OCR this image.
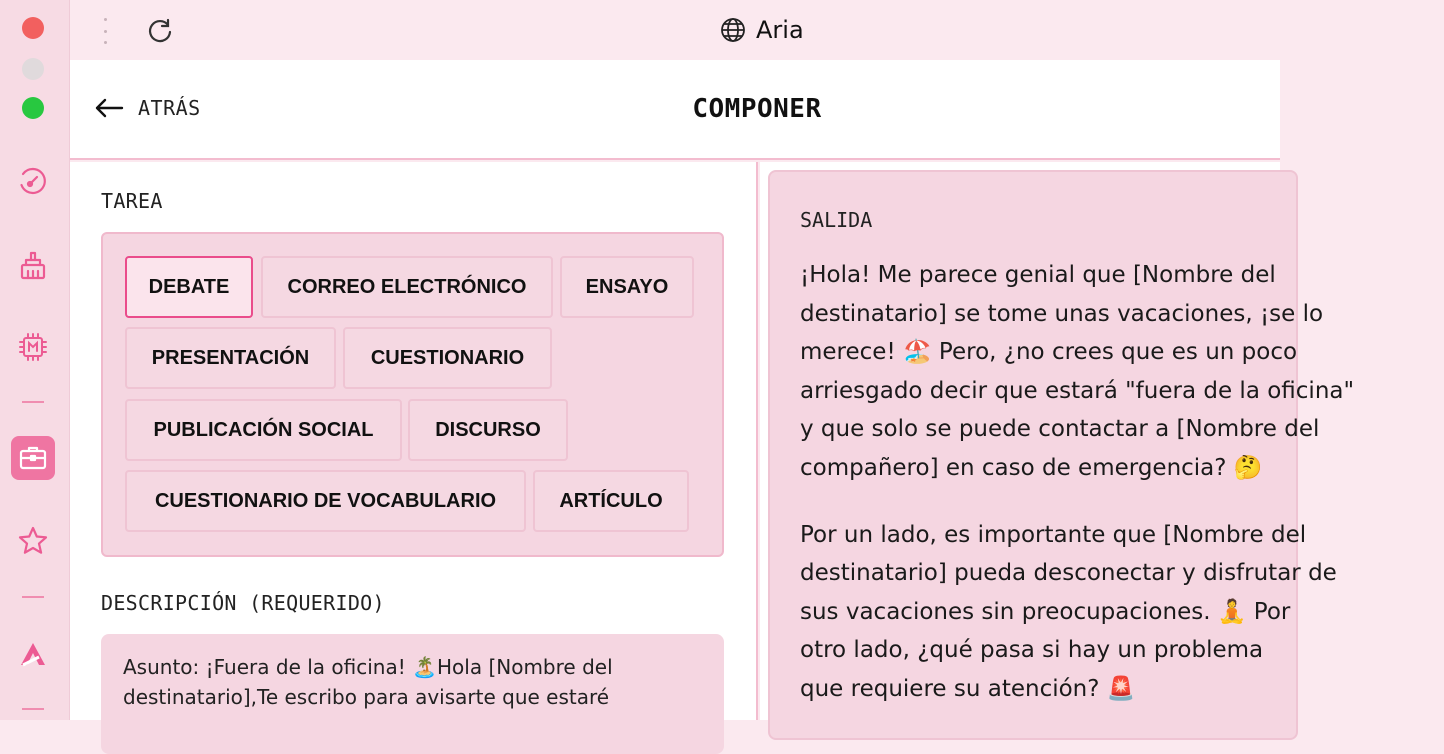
Aria
ATRÁS	COMPONER
TAREA
DEBATE	CORREO ELECTRÓNICO	ENSAYO
PRESENTACIÓN	CUESTIONARIO
PUBLICACIÓN SOCIAL	DISCURSO
CUESTIONARIO DE VOCABULARIO	ARTÍCULO
DESCRIPCIÓN (REQUERIDO)
Asunto: ¡Fuera de la oficina! 🏝️Hola [Nombre del
destinatario],Te escribo para avisarte que estaré
SALIDA

¡Hola! Me parece genial que [Nombre del
destinatario] se tome unas vacaciones, ¡se lo
merece! 🏖️ Pero, ¿no crees que es un poco
arriesgado decir que estará "fuera de la oficina"
y que solo se puede contactar a [Nombre del
compañero] en caso de emergencia? 🤔

Por un lado, es importante que [Nombre del
destinatario] pueda desconectar y disfrutar de
sus vacaciones sin preocupaciones. 🧘 Por
otro lado, ¿qué pasa si hay un problema
que requiere su atención? 🚨
